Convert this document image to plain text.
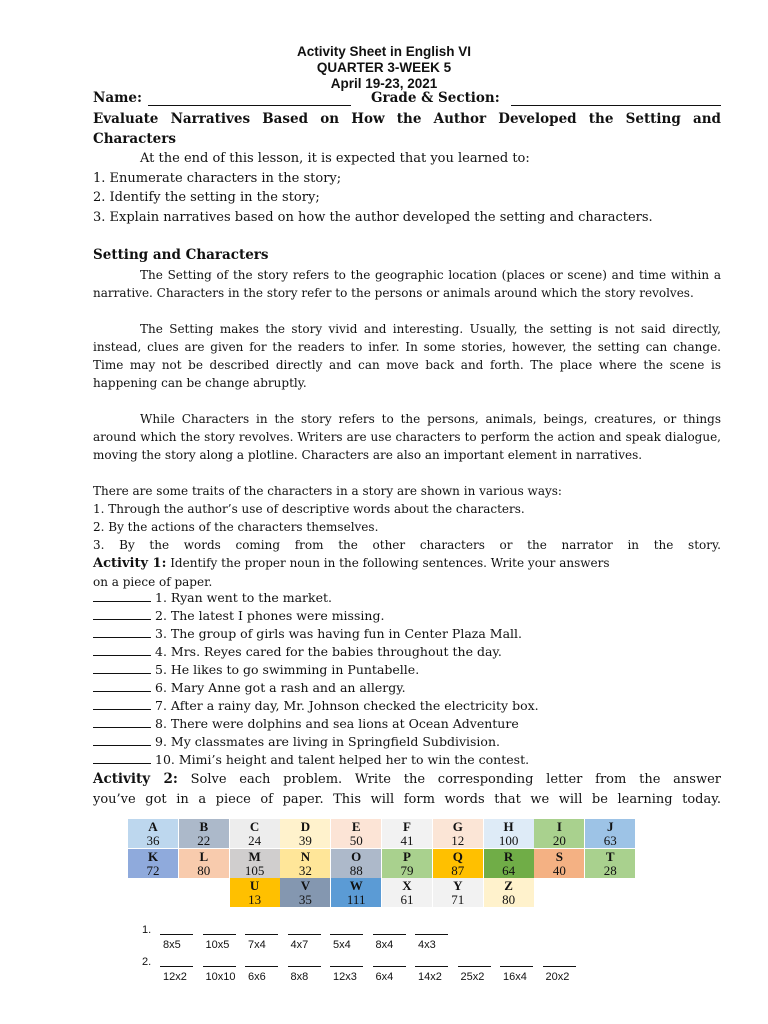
Activity Sheet in English VI
QUARTER 3-WEEK 5
April 19-23, 2021
Name:	Grade & Section:
Evaluate Narratives Based on How the Author Developed the Setting and
Characters
At the end of this lesson, it is expected that you learned to:
1. Enumerate characters in the story;
2. Identify the setting in the story;
3. Explain narratives based on how the author developed the setting and characters.
Setting and Characters
The Setting of the story refers to the geographic location (places or scene) and time within a narrative. Characters in the story refer to the persons or animals around which the story revolves.
The Setting makes the story vivid and interesting. Usually, the setting is not said directly, instead, clues are given for the readers to infer. In some stories, however, the setting can change. Time may not be described directly and can move back and forth. The place where the scene is happening can be change abruptly.
While Characters in the story refers to the persons, animals, beings, creatures, or things around which the story revolves. Writers are use characters to perform the action and speak dialogue, moving the story along a plotline. Characters are also an important element in narratives.
There are some traits of the characters in a story are shown in various ways:
1. Through the author’s use of descriptive words about the characters.
2. By the actions of the characters themselves.
3. By the words coming from the other characters or the narrator in the story.
Activity 1: Identify the proper noun in the following sentences. Write your answers
on a piece of paper.
1. Ryan went to the market.
2. The latest I phones were missing.
3. The group of girls was having fun in Center Plaza Mall.
4. Mrs. Reyes cared for the babies throughout the day.
5. He likes to go swimming in Puntabelle.
6. Mary Anne got a rash and an allergy.
7. After a rainy day, Mr. Johnson checked the electricity box.
8. There were dolphins and sea lions at Ocean Adventure
9. My classmates are living in Springfield Subdivision.
10. Mimi’s height and talent helped her to win the contest.
Activity 2: Solve each problem. Write the corresponding letter from the answer
you’ve got in a piece of paper. This will form words that we will be learning today.
A
36
B
22
C
24
D
39
E
50
F
41
G
12
H
100
I
20
J
63
K
72
L
80
M
105
N
32
O
88
P
79
Q
87
R
64
S
40
T
28
U
13
V
35
W
111
X
61
Y
71
Z
80
1.
8x5 10x5 7x4 4x7 5x4 8x4 4x3
2.
12x2 10x10 6x6 8x8 12x3 6x4 14x2 25x2 16x4 20x2
